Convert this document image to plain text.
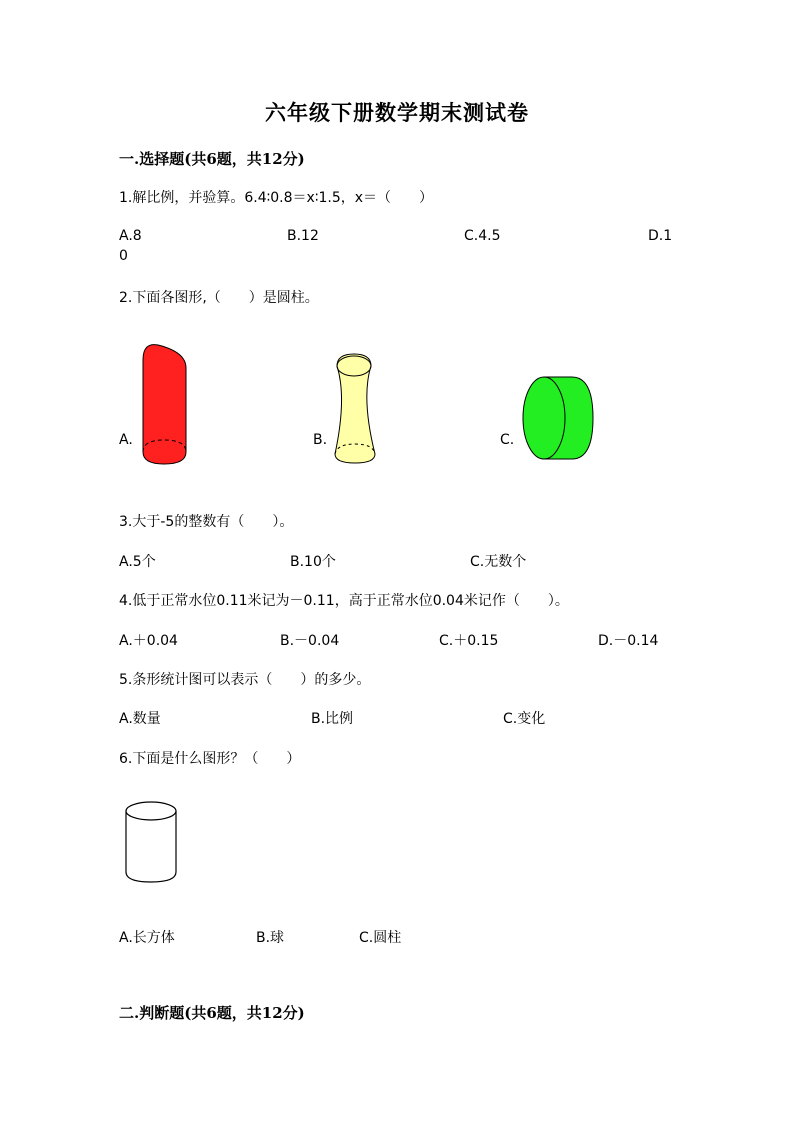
六年级下册数学期末测试卷
一.选择题(共6题，共12分)
1.解比例，并验算。6.4∶0.8＝x∶1.5，x＝（　　）
A.8	B.12	C.4.5	D.1
0
2.下面各图形,（　　）是圆柱。
A.	B.	C.
3.大于-5的整数有（　　）。
A.5个	B.10个	C.无数个
4.低于正常水位0.11米记为－0.11，高于正常水位0.04米记作（　　）。
A.＋0.04	B.－0.04	C.＋0.15	D.－0.14
5.条形统计图可以表示（　　）的多少。
A.数量	B.比例	C.变化
6.下面是什么图形？（　　）
A.长方体	B.球	C.圆柱
二.判断题(共6题，共12分)
